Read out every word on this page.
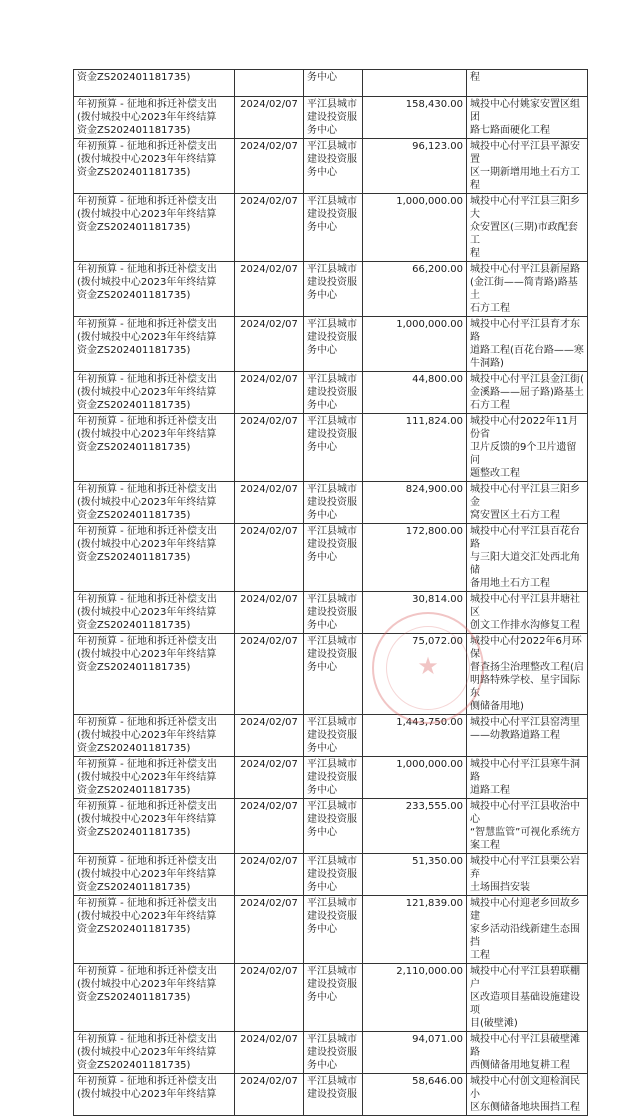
资金ZS202401181735)		务中心		程
年初预算 - 征地和拆迁补偿支出
(拨付城投中心2023年年终结算
资金ZS202401181735)	2024/02/07	平江县城市
建设投资服
务中心	158,430.00	城投中心付姚家安置区组团
路七路面硬化工程
年初预算 - 征地和拆迁补偿支出
(拨付城投中心2023年年终结算
资金ZS202401181735)	2024/02/07	平江县城市
建设投资服
务中心	96,123.00	城投中心付平江县平源安置
区一期新增用地土石方工程
年初预算 - 征地和拆迁补偿支出
(拨付城投中心2023年年终结算
资金ZS202401181735)	2024/02/07	平江县城市
建设投资服
务中心	1,000,000.00	城投中心付平江县三阳乡大
众安置区(三期)市政配套工
程
年初预算 - 征地和拆迁补偿支出
(拨付城投中心2023年年终结算
资金ZS202401181735)	2024/02/07	平江县城市
建设投资服
务中心	66,200.00	城投中心付平江县新屋路
(金江街——简青路)路基土
石方工程
年初预算 - 征地和拆迁补偿支出
(拨付城投中心2023年年终结算
资金ZS202401181735)	2024/02/07	平江县城市
建设投资服
务中心	1,000,000.00	城投中心付平江县育才东路
道路工程(百花台路——寒
牛洞路)
年初预算 - 征地和拆迁补偿支出
(拨付城投中心2023年年终结算
资金ZS202401181735)	2024/02/07	平江县城市
建设投资服
务中心	44,800.00	城投中心付平江县金江街(
金溪路——屈子路)路基土
石方工程
年初预算 - 征地和拆迁补偿支出
(拨付城投中心2023年年终结算
资金ZS202401181735)	2024/02/07	平江县城市
建设投资服
务中心	111,824.00	城投中心付2022年11月份省
卫片反馈的9个卫片遗留问
题整改工程
年初预算 - 征地和拆迁补偿支出
(拨付城投中心2023年年终结算
资金ZS202401181735)	2024/02/07	平江县城市
建设投资服
务中心	824,900.00	城投中心付平江县三阳乡金
窝安置区土石方工程
年初预算 - 征地和拆迁补偿支出
(拨付城投中心2023年年终结算
资金ZS202401181735)	2024/02/07	平江县城市
建设投资服
务中心	172,800.00	城投中心付平江县百花台路
与三阳大道交汇处西北角储
备用地土石方工程
年初预算 - 征地和拆迁补偿支出
(拨付城投中心2023年年终结算
资金ZS202401181735)	2024/02/07	平江县城市
建设投资服
务中心	30,814.00	城投中心付平江县井塘社区
创文工作排水沟修复工程
年初预算 - 征地和拆迁补偿支出
(拨付城投中心2023年年终结算
资金ZS202401181735)	2024/02/07	平江县城市
建设投资服
务中心	75,072.00	城投中心付2022年6月环保
督查扬尘治理整改工程(启
明路特殊学校、星宇国际东
侧储备用地)
年初预算 - 征地和拆迁补偿支出
(拨付城投中心2023年年终结算
资金ZS202401181735)	2024/02/07	平江县城市
建设投资服
务中心	1,443,750.00	城投中心付平江县窑湾里
——幼教路道路工程
年初预算 - 征地和拆迁补偿支出
(拨付城投中心2023年年终结算
资金ZS202401181735)	2024/02/07	平江县城市
建设投资服
务中心	1,000,000.00	城投中心付平江县寒牛洞路
道路工程
年初预算 - 征地和拆迁补偿支出
(拨付城投中心2023年年终结算
资金ZS202401181735)	2024/02/07	平江县城市
建设投资服
务中心	233,555.00	城投中心付平江县收治中心
“智慧监管”可视化系统方
案工程
年初预算 - 征地和拆迁补偿支出
(拨付城投中心2023年年终结算
资金ZS202401181735)	2024/02/07	平江县城市
建设投资服
务中心	51,350.00	城投中心付平江县栗公岩弃
土场围挡安装
年初预算 - 征地和拆迁补偿支出
(拨付城投中心2023年年终结算
资金ZS202401181735)	2024/02/07	平江县城市
建设投资服
务中心	121,839.00	城投中心付迎老乡回故乡建
家乡活动沿线新建生态围挡
工程
年初预算 - 征地和拆迁补偿支出
(拨付城投中心2023年年终结算
资金ZS202401181735)	2024/02/07	平江县城市
建设投资服
务中心	2,110,000.00	城投中心付平江县碧联棚户
区改造项目基础设施建设项
目(破壁滩)
年初预算 - 征地和拆迁补偿支出
(拨付城投中心2023年年终结算
资金ZS202401181735)	2024/02/07	平江县城市
建设投资服
务中心	94,071.00	城投中心付平江县破壁滩路
西侧储备用地复耕工程
年初预算 - 征地和拆迁补偿支出
(拨付城投中心2023年年终结算	2024/02/07	平江县城市
建设投资服	58,646.00	城投中心付创文迎检润民小
区东侧储备地块围挡工程
★
